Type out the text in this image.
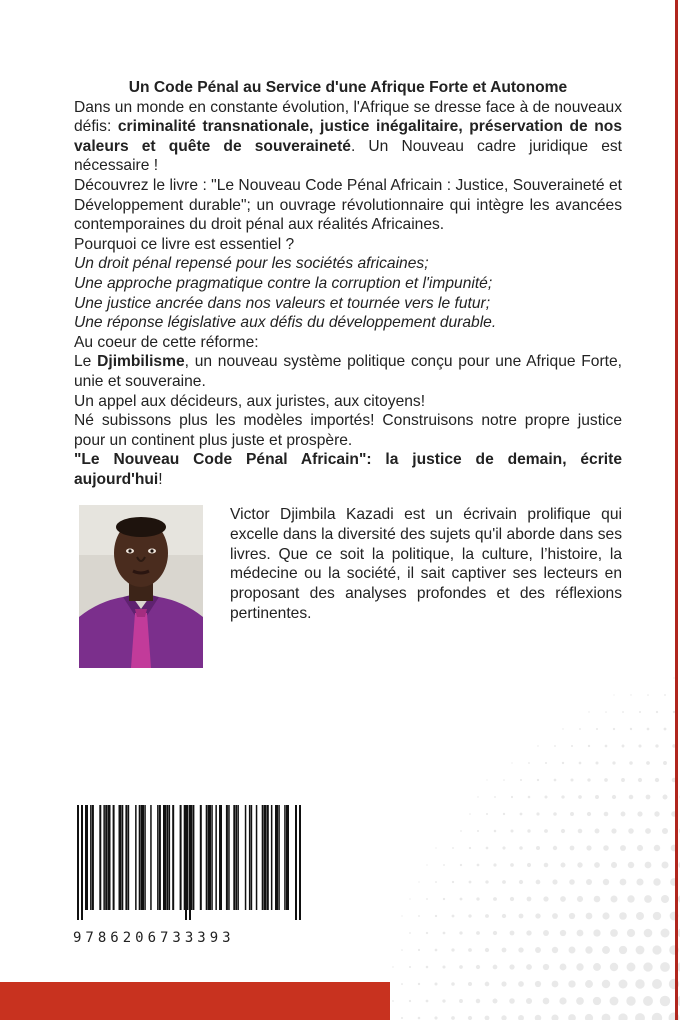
Un Code Pénal au Service d'une Afrique Forte et Autonome

Dans un monde en constante évolution, l'Afrique se dresse face à de nouveaux défis: criminalité transnationale, justice inégalitaire, préservation de nos valeurs et quête de souveraineté. Un Nouveau cadre juridique est nécessaire !

Découvrez le livre : "Le Nouveau Code Pénal Africain : Justice, Souveraineté et Développement durable"; un ouvrage révolutionnaire qui intègre les avancées contemporaines du droit pénal aux réalités Africaines.

Pourquoi ce livre est essentiel ?

Un droit pénal repensé pour les sociétés africaines;

Une approche pragmatique contre la corruption et l'impunité;

Une justice ancrée dans nos valeurs et tournée vers le futur;

Une réponse législative aux défis du développement durable.

Au coeur de cette réforme:

Le Djimbilisme, un nouveau système politique conçu pour une Afrique Forte, unie et souveraine.

Un appel aux décideurs, aux juristes, aux citoyens!

Né subissons plus les modèles importés! Construisons notre propre justice pour un continent plus juste et prospère.

"Le Nouveau Code Pénal Africain": la justice de demain, écrite aujourd'hui!

Victor Djimbila Kazadi est un écrivain prolifique qui excelle dans la diversité des sujets qu'il aborde dans ses livres. Que ce soit la politique, la culture, l’histoire, la médecine ou la société, il sait captiver ses lecteurs en proposant des analyses profondes et des réflexions pertinentes.

9786206733393
